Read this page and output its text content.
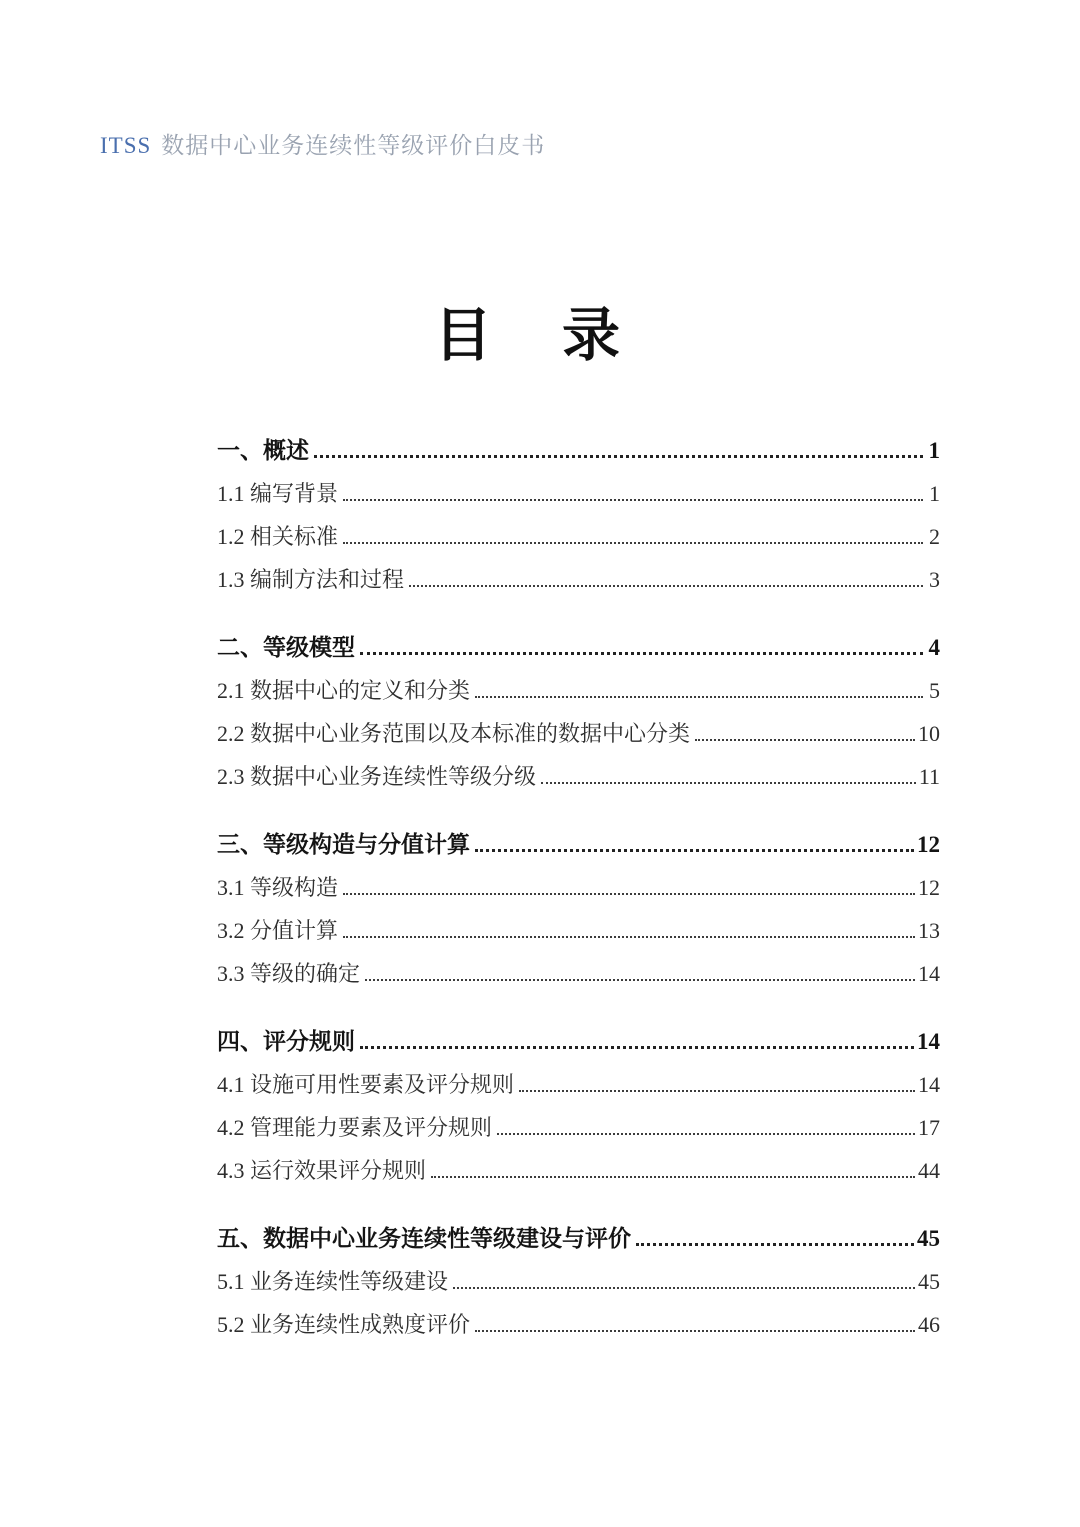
ITSS 数据中心业务连续性等级评价白皮书
目　录
一、概述	1
1.1 编写背景	1
1.2 相关标准	2
1.3 编制方法和过程	3
二、等级模型	4
2.1 数据中心的定义和分类	5
2.2 数据中心业务范围以及本标准的数据中心分类	10
2.3 数据中心业务连续性等级分级	11
三、等级构造与分值计算	12
3.1 等级构造	12
3.2 分值计算	13
3.3 等级的确定	14
四、评分规则	14
4.1 设施可用性要素及评分规则	14
4.2 管理能力要素及评分规则	17
4.3 运行效果评分规则	44
五、数据中心业务连续性等级建设与评价	45
5.1 业务连续性等级建设	45
5.2 业务连续性成熟度评价	46
